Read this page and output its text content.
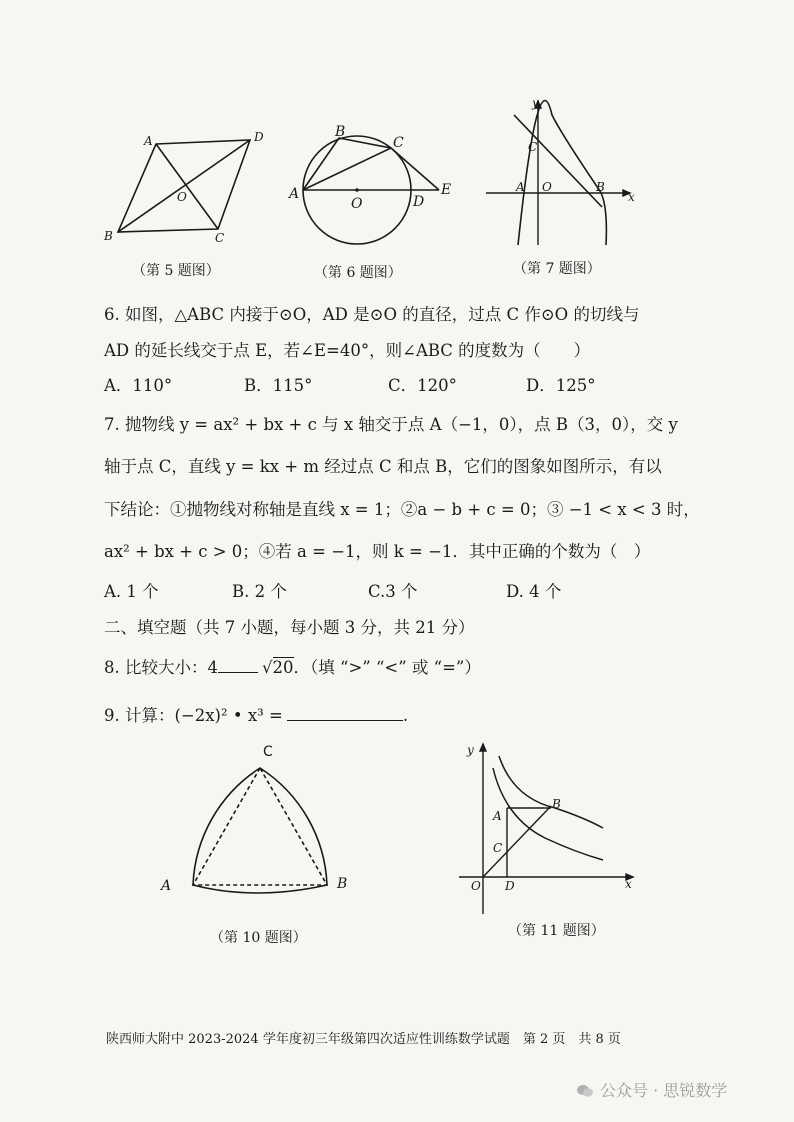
A	D
O
B	C
（第 5 题图）
B
C
A
O	D
E
（第 6 题图）
y
C
A O	B
x
（第 7 题图）
6. 如图，△ABC 内接于⊙O，AD 是⊙O 的直径，过点 C 作⊙O 的切线与
AD 的延长线交于点 E，若∠E=40°，则∠ABC 的度数为（　　）
A．110°	B．115°	C．120°	D．125°
7. 抛物线 y = ax² + bx + c 与 x 轴交于点 A（−1，0），点 B（3，0），交 y
轴于点 C，直线 y = kx + m 经过点 C 和点 B，它们的图象如图所示，有以
下结论：①抛物线对称轴是直线 x = 1；②a − b + c = 0；③ −1 < x < 3 时，
ax² + bx + c > 0；④若 a = −1，则 k = −1．其中正确的个数为（　）
A. 1 个	B. 2 个	C.3 个	D. 4 个
二、填空题（共 7 小题，每小题 3 分，共 21 分）
8. 比较大小：4	√20．（填 “>” “<” 或 “=”）
9. 计算：(−2x)² • x³ =	.
C
A	B
（第 10 题图）
y
B
A
C
O D	x
（第 11 题图）
陕西师大附中 2023-2024 学年度初三年级第四次适应性训练数学试题　第 2 页　共 8 页
公众号 · 思锐数学
